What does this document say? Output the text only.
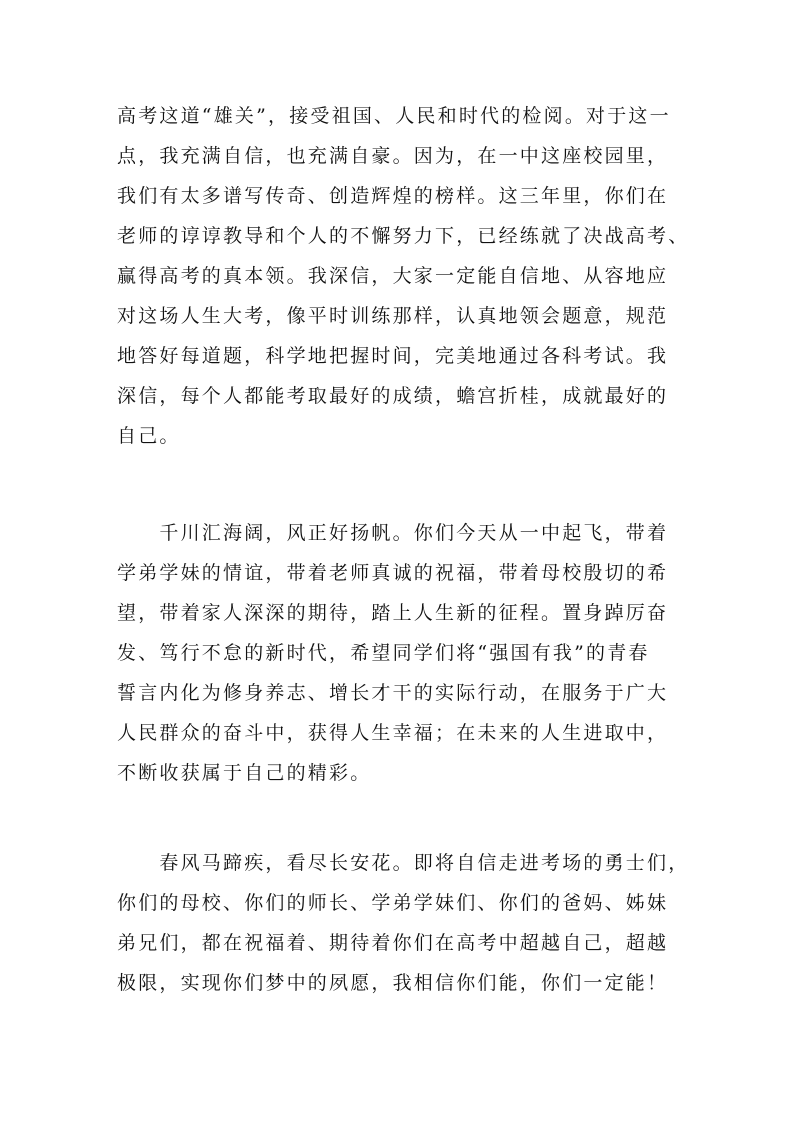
高考这道“雄关”，接受祖国、人民和时代的检阅。对于这一
点，我充满自信，也充满自豪。因为，在一中这座校园里，
我们有太多谱写传奇、创造辉煌的榜样。这三年里，你们在
老师的谆谆教导和个人的不懈努力下，已经练就了决战高考、
赢得高考的真本领。我深信，大家一定能自信地、从容地应
对这场人生大考，像平时训练那样，认真地领会题意，规范
地答好每道题，科学地把握时间，完美地通过各科考试。我
深信，每个人都能考取最好的成绩，蟾宫折桂，成就最好的
自己。
　　千川汇海阔，风正好扬帆。你们今天从一中起飞，带着
学弟学妹的情谊，带着老师真诚的祝福，带着母校殷切的希
望，带着家人深深的期待，踏上人生新的征程。置身踔厉奋
发、笃行不怠的新时代，希望同学们将“强国有我”的青春
誓言内化为修身养志、增长才干的实际行动，在服务于广大
人民群众的奋斗中，获得人生幸福；在未来的人生进取中，
不断收获属于自己的精彩。
　　春风马蹄疾，看尽长安花。即将自信走进考场的勇士们，
你们的母校、你们的师长、学弟学妹们、你们的爸妈、姊妹
弟兄们，都在祝福着、期待着你们在高考中超越自己，超越
极限，实现你们梦中的夙愿，我相信你们能，你们一定能！
